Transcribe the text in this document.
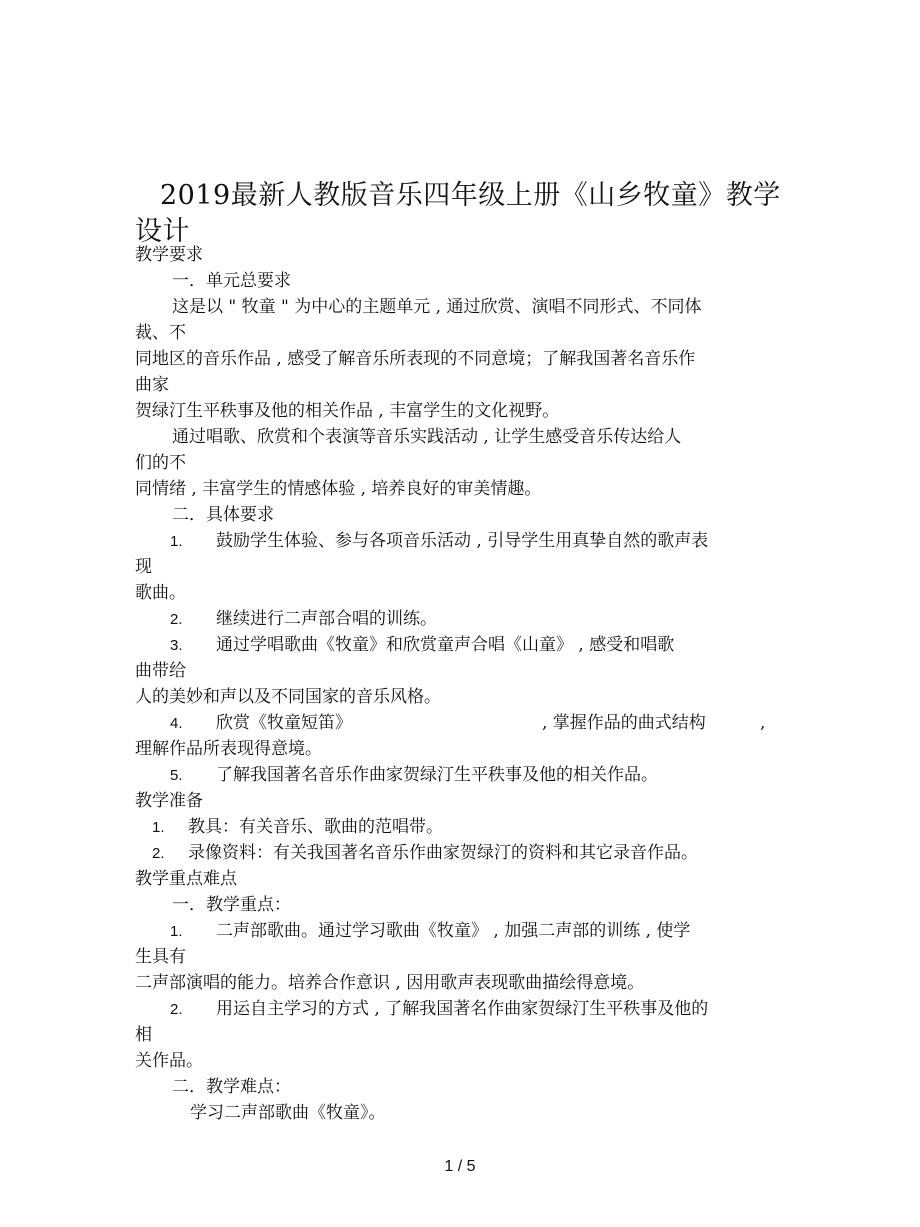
2019最新人教版音乐四年级上册《山乡牧童》教学设计
教学要求
一．单元总要求
这是以 " 牧童 " 为中心的主题单元 , 通过欣赏、演唱不同形式、不同体
裁、不
同地区的音乐作品 , 感受了解音乐所表现的不同意境；了解我国著名音乐作
曲家
贺绿汀生平秩事及他的相关作品 , 丰富学生的文化视野。
通过唱歌、欣赏和个表演等音乐实践活动 , 让学生感受音乐传达给人
们的不
同情绪 , 丰富学生的情感体验 , 培养良好的审美情趣。
二．具体要求
1. 鼓励学生体验、参与各项音乐活动 , 引导学生用真挚自然的歌声表
现
歌曲。
2. 继续进行二声部合唱的训练。
3. 通过学唱歌曲《牧童》和欣赏童声合唱《山童》 , 感受和唱歌
曲带给
人的美妙和声以及不同国家的音乐风格。
4. 欣赏《牧童短笛》	, 掌握作品的曲式结构	,
理解作品所表现得意境。
5. 了解我国著名音乐作曲家贺绿汀生平秩事及他的相关作品。
教学准备
1. 教具：有关音乐、歌曲的范唱带。
2. 录像资料：有关我国著名音乐作曲家贺绿汀的资料和其它录音作品。
教学重点难点
一．教学重点：
1. 二声部歌曲。通过学习歌曲《牧童》 , 加强二声部的训练 , 使学
生具有
二声部演唱的能力。培养合作意识 , 因用歌声表现歌曲描绘得意境。
2. 用运自主学习的方式 , 了解我国著名作曲家贺绿汀生平秩事及他的
相
关作品。
二．教学难点：
学习二声部歌曲《牧童》。
1 / 5
